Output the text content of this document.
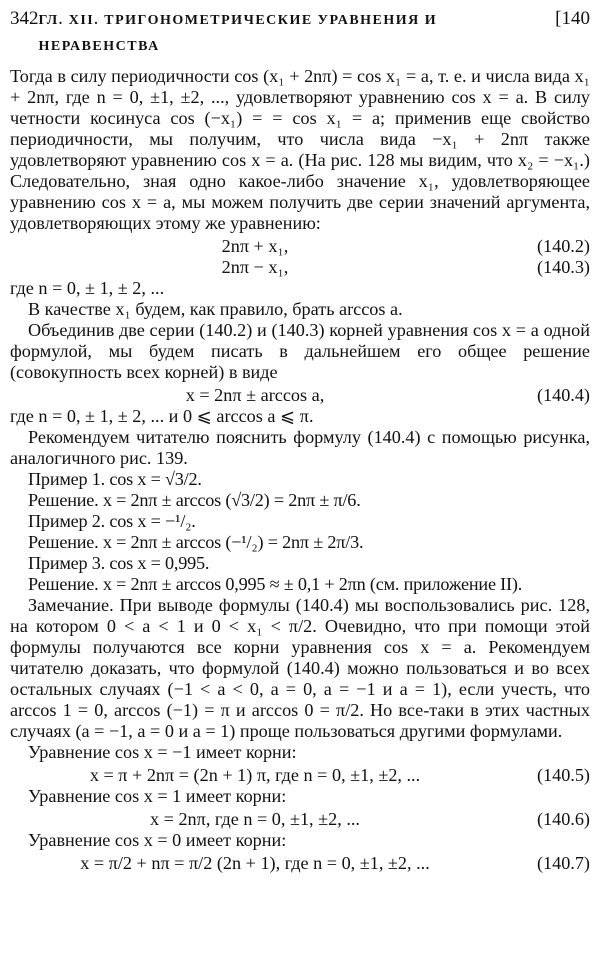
342 ГЛ. XII. ТРИГОНОМЕТРИЧЕСКИЕ УРАВНЕНИЯ И НЕРАВЕНСТВА
[140

Тогда в силу периодичности cos (x₁ + 2nπ) = cos x₁ = a, т. е. и числа вида x₁ + 2nπ, где n = 0, ±1, ±2, ..., удовлетворяют уравнению cos x = a. В силу четности косинуса cos (−x₁) = = cos x₁ = a; применив еще свойство периодичности, мы получим, что числа вида −x₁ + 2nπ также удовлетворяют уравнению cos x = a. (На рис. 128 мы видим, что x₂ = −x₁.) Следовательно, зная одно какое-либо значение x₁, удовлетворяющее уравнению cos x = a, мы можем получить две серии значений аргумента, удовлетворяющих этому же уравнению:

2nπ + x₁,	(140.2)
2nπ − x₁,	(140.3)

где n = 0, ± 1, ± 2, ...

В качестве x₁ будем, как правило, брать arccos a.

Объединив две серии (140.2) и (140.3) корней уравнения cos x = a одной формулой, мы будем писать в дальнейшем его общее решение (совокупность всех корней) в виде

x = 2nπ ± arccos a,	(140.4)

где n = 0, ± 1, ± 2, ... и 0 ⩽ arccos a ⩽ π.

Рекомендуем читателю пояснить формулу (140.4) с помощью рисунка, аналогичного рис. 139.

Пример 1. cos x = √3/2.

Решение. x = 2nπ ± arccos (√3/2) = 2nπ ± π/6.

Пример 2. cos x = −¹/₂.

Решение. x = 2nπ ± arccos (−¹/₂) = 2nπ ± 2π/3.

Пример 3. cos x = 0,995.

Решение. x = 2nπ ± arccos 0,995 ≈ ± 0,1 + 2πn (см. приложение II).

Замечание. При выводе формулы (140.4) мы воспользовались рис. 128, на котором 0 < a < 1 и 0 < x₁ < π/2. Очевидно, что при помощи этой формулы получаются все корни уравнения cos x = a. Рекомендуем читателю доказать, что формулой (140.4) можно пользоваться и во всех остальных случаях (−1 < a < 0, a = 0, a = −1 и a = 1), если учесть, что arccos 1 = 0, arccos (−1) = π и arccos 0 = π/2. Но все-таки в этих частных случаях (a = −1, a = 0 и a = 1) проще пользоваться другими формулами.

Уравнение cos x = −1 имеет корни:

x = π + 2nπ = (2n + 1) π, где n = 0, ±1, ±2, ...	(140.5)

Уравнение cos x = 1 имеет корни:

x = 2nπ, где n = 0, ±1, ±2, ...	(140.6)

Уравнение cos x = 0 имеет корни:

x = π/2 + nπ = π/2 (2n + 1), где n = 0, ±1, ±2, ...	(140.7)
